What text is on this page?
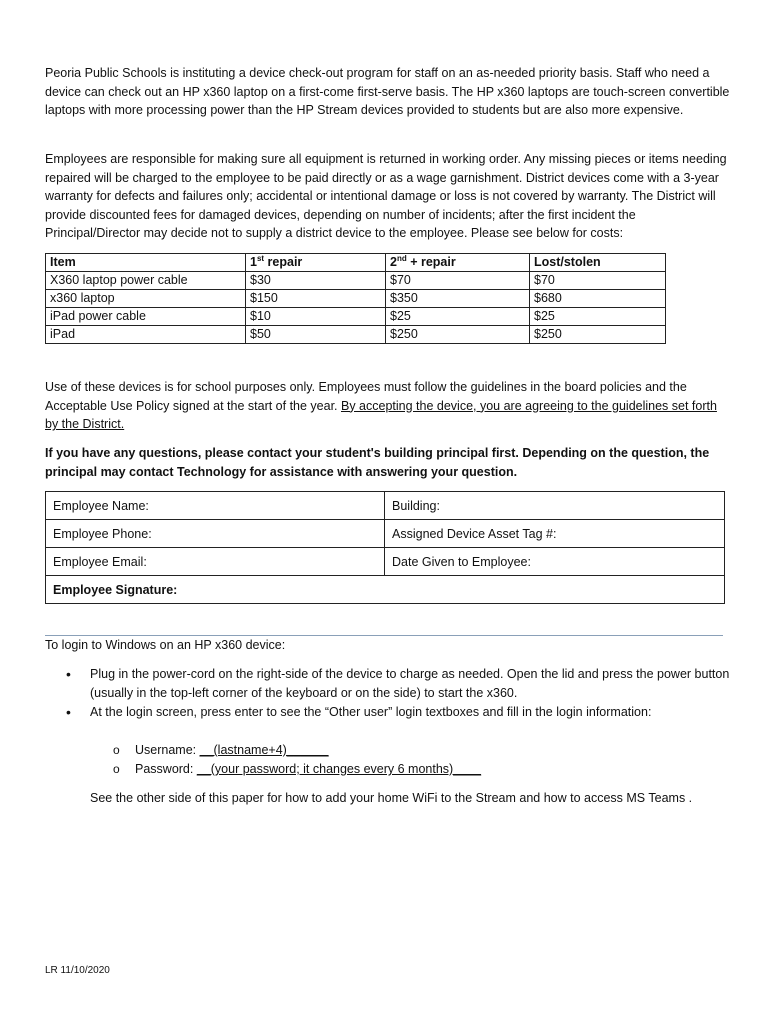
Peoria Public Schools is instituting a device check-out program for staff on an as-needed priority basis. Staff who need a device can check out an HP x360 laptop on a first-come first-serve basis. The HP x360 laptops are touch-screen convertible laptops with more processing power than the HP Stream devices provided to students but are also more expensive.

Employees are responsible for making sure all equipment is returned in working order. Any missing pieces or items needing repaired will be charged to the employee to be paid directly or as a wage garnishment. District devices come with a 3-year warranty for defects and failures only; accidental or intentional damage or loss is not covered by warranty. The District will provide discounted fees for damaged devices, depending on number of incidents; after the first incident the Principal/Director may decide not to supply a district device to the employee. Please see below for costs:

Item	1st repair	2nd + repair	Lost/stolen
X360 laptop power cable	$30	$70	$70
x360 laptop	$150	$350	$680
iPad power cable	$10	$25	$25
iPad	$50	$250	$250

Use of these devices is for school purposes only. Employees must follow the guidelines in the board policies and the Acceptable Use Policy signed at the start of the year. By accepting the device, you are agreeing to the guidelines set forth by the District.

If you have any questions, please contact your student's building principal first. Depending on the question, the principal may contact Technology for assistance with answering your question.

Employee Name:	Building:
Employee Phone:	Assigned Device Asset Tag #:
Employee Email:	Date Given to Employee:
Employee Signature:	

To login to Windows on an HP x360 device:

• Plug in the power-cord on the right-side of the device to charge as needed. Open the lid and press the power button (usually in the top-left corner of the keyboard or on the side) to start the x360.
• At the login screen, press enter to see the “Other user” login textboxes and fill in the login information:
o Username: __(lastname+4)______
o Password: __(your password; it changes every 6 months)____

See the other side of this paper for how to add your home WiFi to the Stream and how to access MS Teams .

LR 11/10/2020
